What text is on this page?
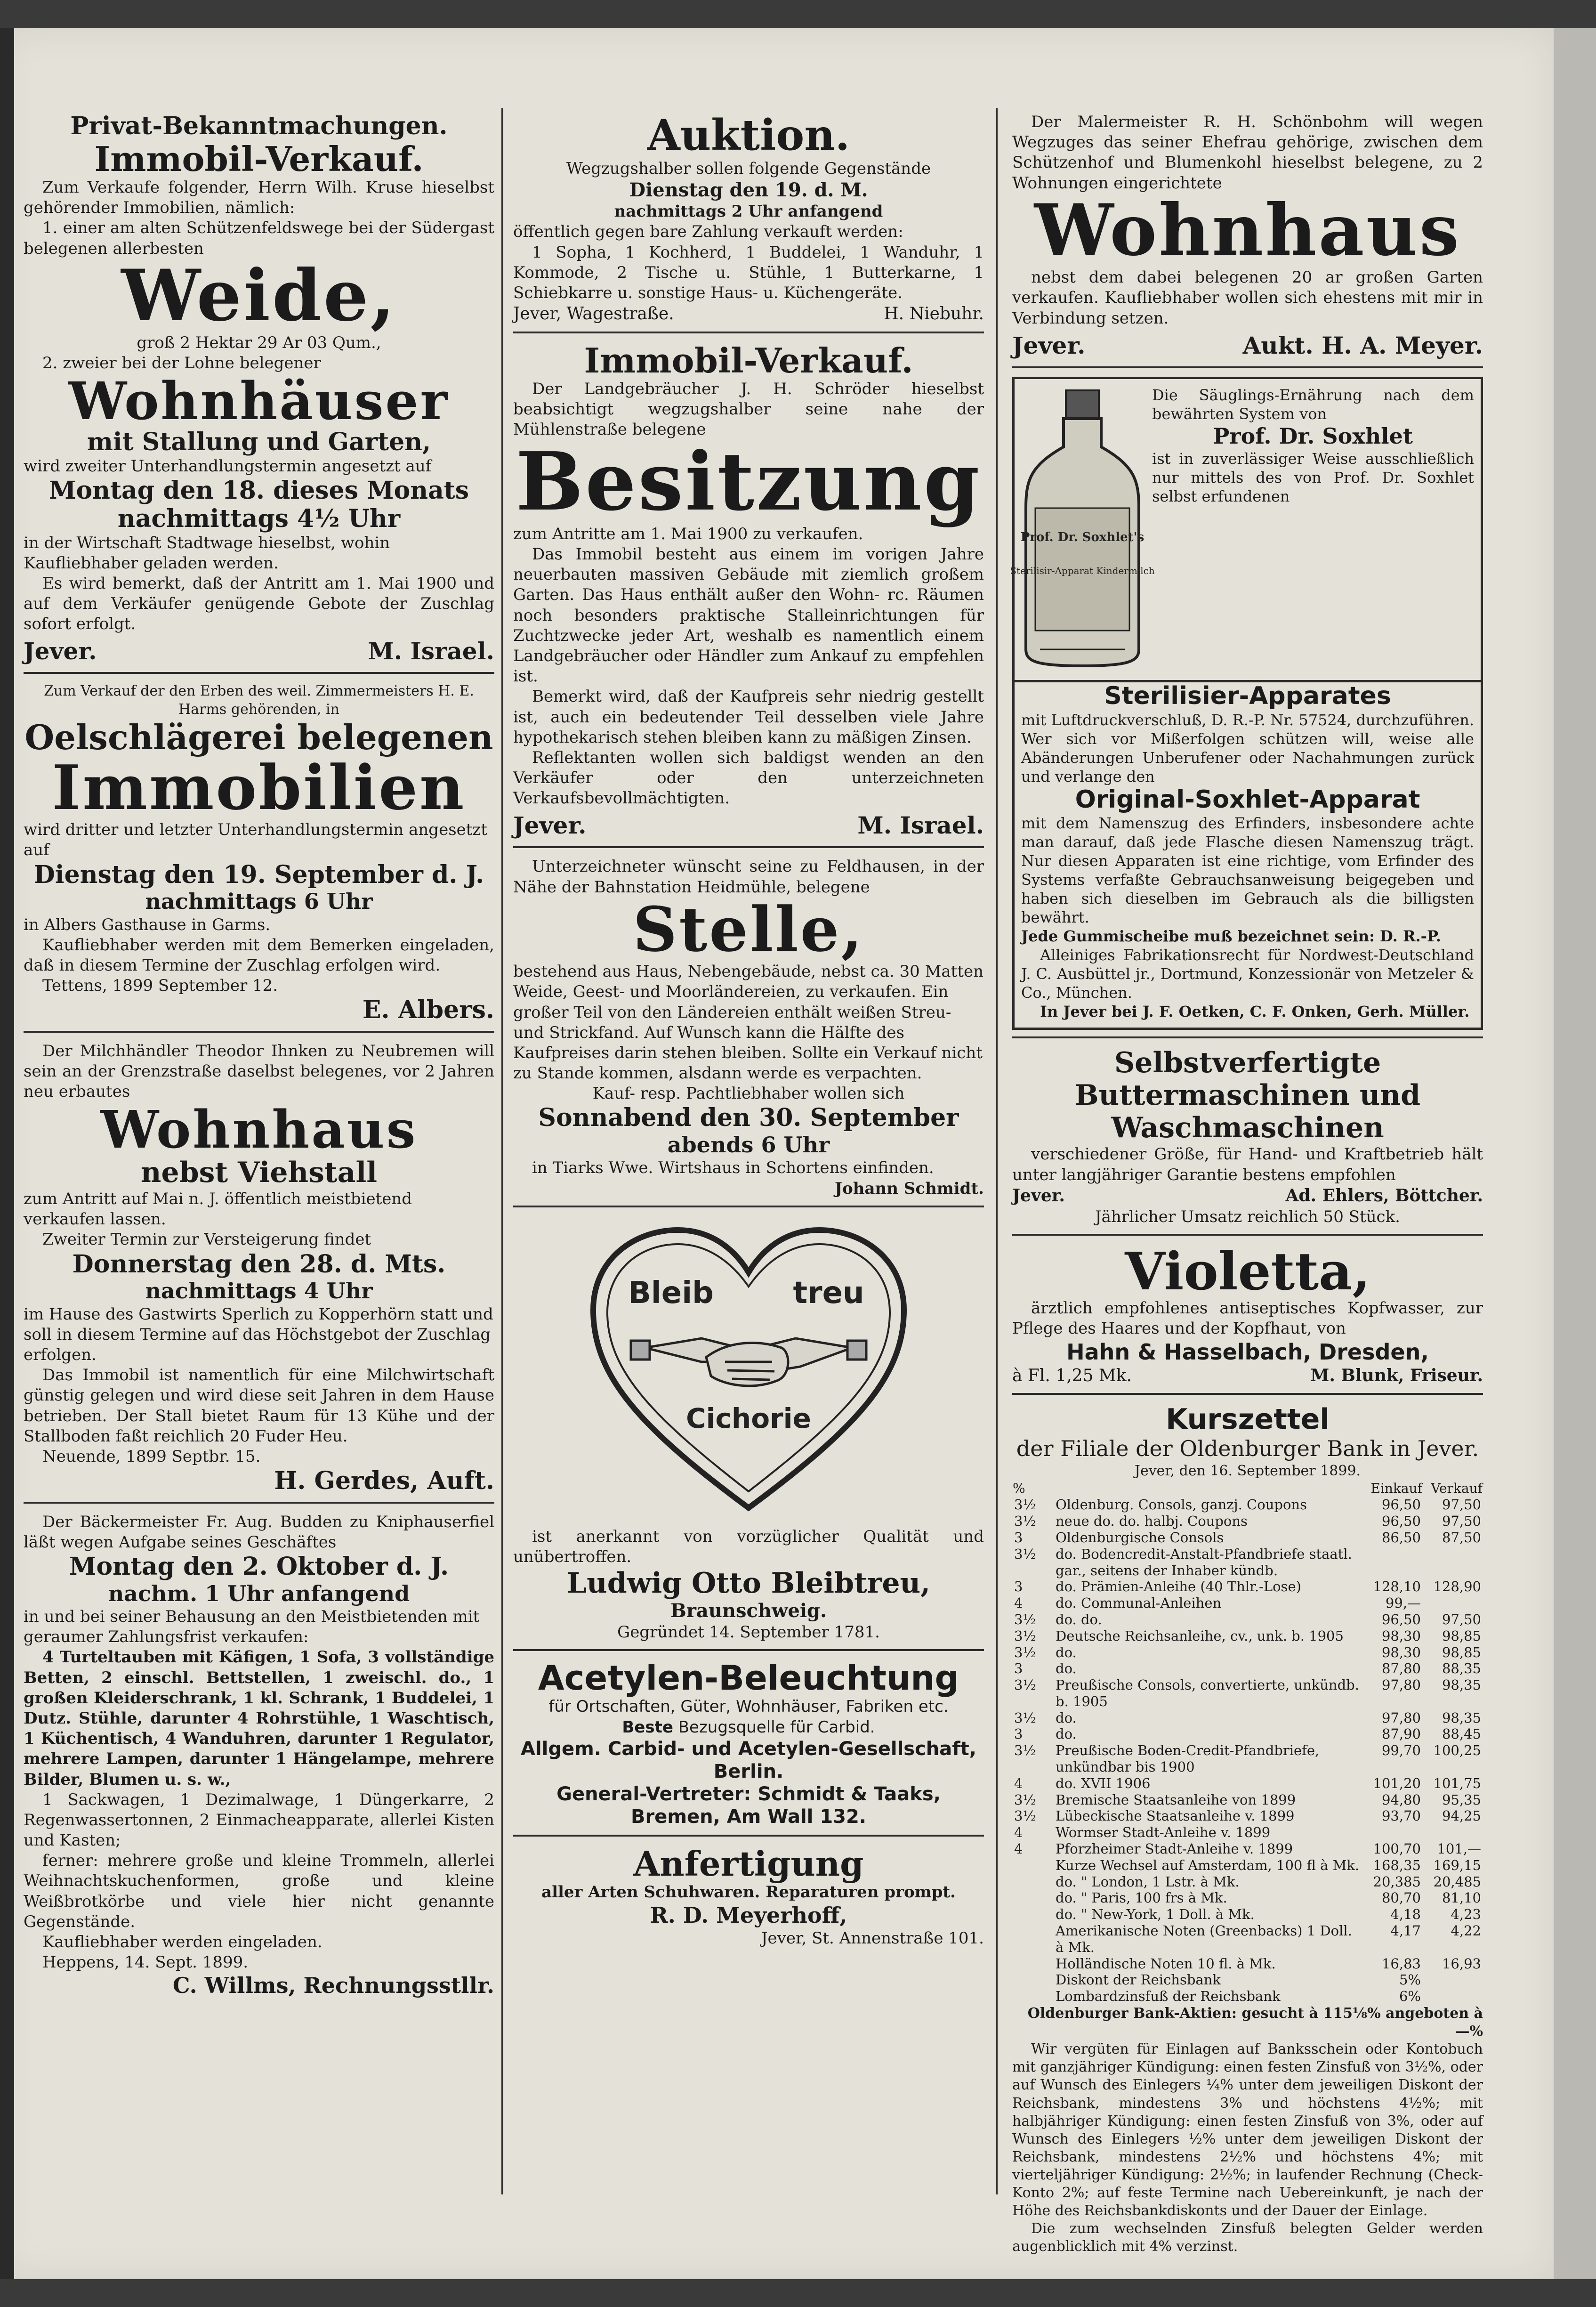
Privat-Bekanntmachungen.

Immobil-Verkauf.

Zum Verkaufe folgender, Herrn Wilh. Kruse hieselbst gehörender Immobilien, nämlich:

1. einer am alten Schützenfeldswege bei der Südergast belegenen allerbesten

Weide,

groß 2 Hektar 29 Ar 03 Qum.,

2. zweier bei der Lohne belegener

Wohnhäuser

mit Stallung und Garten,

wird zweiter Unterhandlungstermin angesetzt auf

Montag den 18. dieses Monats

nachmittags 4½ Uhr

in der Wirtschaft Stadtwage hieselbst, wohin Kaufliebhaber geladen werden.

Es wird bemerkt, daß der Antritt am 1. Mai 1900 und auf dem Verkäufer genügende Gebote der Zuschlag sofort erfolgt.

Jever.	M. Israel.

Zum Verkauf der den Erben des weil. Zimmermeisters H. E. Harms gehörenden, in

Oelschlägerei belegenen

Immobilien

wird dritter und letzter Unterhandlungstermin angesetzt auf

Dienstag den 19. September d. J.

nachmittags 6 Uhr

in Albers Gasthause in Garms.

Kaufliebhaber werden mit dem Bemerken eingeladen, daß in diesem Termine der Zuschlag erfolgen wird.

Tettens, 1899 September 12.

E. Albers.

Der Milchhändler Theodor Ihnken zu Neubremen will sein an der Grenzstraße daselbst belegenes, vor 2 Jahren neu erbautes

Wohnhaus

nebst Viehstall

zum Antritt auf Mai n. J. öffentlich meistbietend verkaufen lassen.

Zweiter Termin zur Versteigerung findet

Donnerstag den 28. d. Mts.

nachmittags 4 Uhr

im Hause des Gastwirts Sperlich zu Kopperhörn statt und soll in diesem Termine auf das Höchstgebot der Zuschlag erfolgen.

Das Immobil ist namentlich für eine Milchwirtschaft günstig gelegen und wird diese seit Jahren in dem Hause betrieben. Der Stall bietet Raum für 13 Kühe und der Stallboden faßt reichlich 20 Fuder Heu.

Neuende, 1899 Septbr. 15.

H. Gerdes, Auft.

Der Bäckermeister Fr. Aug. Budden zu Kniphauserfiel läßt wegen Aufgabe seines Geschäftes

Montag den 2. Oktober d. J.

nachm. 1 Uhr anfangend

in und bei seiner Behausung an den Meistbietenden mit geraumer Zahlungsfrist verkaufen:

4 Turteltauben mit Käfigen, 1 Sofa, 3 vollständige Betten, 2 einschl. Bettstellen, 1 zweischl. do., 1 großen Kleiderschrank, 1 kl. Schrank, 1 Buddelei, 1 Dutz. Stühle, darunter 4 Rohrstühle, 1 Waschtisch, 1 Küchentisch, 4 Wanduhren, darunter 1 Regulator, mehrere Lampen, darunter 1 Hängelampe, mehrere Bilder, Blumen u. s. w.,

1 Sackwagen, 1 Dezimalwage, 1 Düngerkarre, 2 Regenwassertonnen, 2 Einmacheapparate, allerlei Kisten und Kasten;

ferner: mehrere große und kleine Trommeln, allerlei Weihnachtskuchenformen, große und kleine Weißbrotkörbe und viele hier nicht genannte Gegenstände.

Kaufliebhaber werden eingeladen.

Heppens, 14. Sept. 1899.

C. Willms, Rechnungsstllr.

Auktion.

Wegzugshalber sollen folgende Gegenstände

Dienstag den 19. d. M.

nachmittags 2 Uhr anfangend

öffentlich gegen bare Zahlung verkauft werden:

1 Sopha, 1 Kochherd, 1 Buddelei, 1 Wanduhr, 1 Kommode, 2 Tische u. Stühle, 1 Butterkarne, 1 Schiebkarre u. sonstige Haus- u. Küchengeräte.

Jever, Wagestraße.	H. Niebuhr.

Immobil-Verkauf.

Der Landgebräucher J. H. Schröder hieselbst beabsichtigt wegzugshalber seine nahe der Mühlenstraße belegene

Besitzung

zum Antritte am 1. Mai 1900 zu verkaufen.

Das Immobil besteht aus einem im vorigen Jahre neuerbauten massiven Gebäude mit ziemlich großem Garten. Das Haus enthält außer den Wohn- rc. Räumen noch besonders praktische Stalleinrichtungen für Zuchtzwecke jeder Art, weshalb es namentlich einem Landgebräucher oder Händler zum Ankauf zu empfehlen ist.

Bemerkt wird, daß der Kaufpreis sehr niedrig gestellt ist, auch ein bedeutender Teil desselben viele Jahre hypothekarisch stehen bleiben kann zu mäßigen Zinsen.

Reflektanten wollen sich baldigst wenden an den Verkäufer oder den unterzeichneten Verkaufsbevollmächtigten.

Jever.	M. Israel.

Unterzeichneter wünscht seine zu Feldhausen, in der Nähe der Bahnstation Heidmühle, belegene

Stelle,

bestehend aus Haus, Nebengebäude, nebst ca. 30 Matten Weide, Geest- und Moorländereien, zu verkaufen. Ein großer Teil von den Ländereien enthält weißen Streu- und Strickfand. Auf Wunsch kann die Hälfte des Kaufpreises darin stehen bleiben. Sollte ein Verkauf nicht zu Stande kommen, alsdann werde es verpachten.

Kauf- resp. Pachtliebhaber wollen sich

Sonnabend den 30. September

abends 6 Uhr

in Tiarks Wwe. Wirtshaus in Schortens einfinden.

Johann Schmidt.

Bleib	treu
Cichorie

ist anerkannt von vorzüglicher Qualität und unübertroffen.

Ludwig Otto Bleibtreu,

Braunschweig.

Gegründet 14. September 1781.

Acetylen-Beleuchtung

für Ortschaften, Güter, Wohnhäuser, Fabriken etc.

Beste Bezugsquelle für Carbid.

Allgem. Carbid- und Acetylen-Gesellschaft, Berlin.

General-Vertreter: Schmidt & Taaks, Bremen, Am Wall 132.

Anfertigung

aller Arten Schuhwaren. Reparaturen prompt.

R. D. Meyerhoff,

Jever, St. Annenstraße 101.

Der Malermeister R. H. Schönbohm will wegen Wegzuges das seiner Ehefrau gehörige, zwischen dem Schützenhof und Blumenkohl hieselbst belegene, zu 2 Wohnungen eingerichtete

Wohnhaus

nebst dem dabei belegenen 20 ar großen Garten verkaufen. Kaufliebhaber wollen sich ehestens mit mir in Verbindung setzen.

Jever.	Aukt. H. A. Meyer.
Prof. Dr. Soxhlet's
Sterilisir-Apparat Kindermilch

Die Säuglings-Ernährung nach dem bewährten System von

Prof. Dr. Soxhlet

ist in zuverlässiger Weise ausschließlich nur mittels des von Prof. Dr. Soxhlet selbst erfundenen

Sterilisier-Apparates

mit Luftdruckverschluß, D. R.-P. Nr. 57524, durchzuführen. Wer sich vor Mißerfolgen schützen will, weise alle Abänderungen Unberufener oder Nachahmungen zurück und verlange den

Original-Soxhlet-Apparat

mit dem Namenszug des Erfinders, insbesondere achte man darauf, daß jede Flasche diesen Namenszug trägt. Nur diesen Apparaten ist eine richtige, vom Erfinder des Systems verfaßte Gebrauchsanweisung beigegeben und haben sich dieselben im Gebrauch als die billigsten bewährt.

Jede Gummischeibe muß bezeichnet sein: D. R.-P.

Alleiniges Fabrikationsrecht für Nordwest-Deutschland J. C. Ausbüttel jr., Dortmund, Konzessionär von Metzeler & Co., München.

In Jever bei J. F. Oetken, C. F. Onken, Gerh. Müller.

Selbstverfertigte Buttermaschinen und Waschmaschinen

verschiedener Größe, für Hand- und Kraftbetrieb hält unter langjähriger Garantie bestens empfohlen

Jever.	Ad. Ehlers, Böttcher.

Jährlicher Umsatz reichlich 50 Stück.

Violetta,

ärztlich empfohlenes antiseptisches Kopfwasser, zur Pflege des Haares und der Kopfhaut, von

Hahn & Hasselbach, Dresden,

à Fl. 1,25 Mk.	M. Blunk, Friseur.

Kurszettel

der Filiale der Oldenburger Bank in Jever.

Jever, den 16. September 1899.

%		Einkauf	Verkauf
3½	Oldenburg. Consols, ganzj. Coupons	96,50	97,50
3½	neue do. do. halbj. Coupons	96,50	97,50
3	Oldenburgische Consols	86,50	87,50
3½	do. Bodencredit-Anstalt-Pfandbriefe staatl. gar., seitens der Inhaber kündb.		
3	do. Prämien-Anleihe (40 Thlr.-Lose)	128,10	128,90
4	do. Communal-Anleihen	99,—	
3½	do. do.	96,50	97,50
3½	Deutsche Reichsanleihe, cv., unk. b. 1905	98,30	98,85
3½	do.	98,30	98,85
3	do.	87,80	88,35
3½	Preußische Consols, convertierte, unkündb. b. 1905	97,80	98,35
3½	do.	97,80	98,35
3	do.	87,90	88,45
3½	Preußische Boden-Credit-Pfandbriefe, unkündbar bis 1900	99,70	100,25
4	do. XVII 1906	101,20	101,75
3½	Bremische Staatsanleihe von 1899	94,80	95,35
3½	Lübeckische Staatsanleihe v. 1899	93,70	94,25
4	Wormser Stadt-Anleihe v. 1899		
4	Pforzheimer Stadt-Anleihe v. 1899	100,70	101,—
	Kurze Wechsel auf Amsterdam, 100 fl à Mk.	168,35	169,15
	do. " London, 1 Lstr. à Mk.	20,385	20,485
	do. " Paris, 100 frs à Mk.	80,70	81,10
	do. " New-York, 1 Doll. à Mk.	4,18	4,23
	Amerikanische Noten (Greenbacks) 1 Doll. à Mk.	4,17	4,22
	Holländische Noten 10 fl. à Mk.	16,83	16,93
	Diskont der Reichsbank	5%	
	Lombardzinsfuß der Reichsbank	6%	

Oldenburger Bank-Aktien: gesucht à 115⅛% angeboten à —%

Wir vergüten für Einlagen auf Banksschein oder Kontobuch mit ganzjähriger Kündigung: einen festen Zinsfuß von 3½%, oder auf Wunsch des Einlegers ¼% unter dem jeweiligen Diskont der Reichsbank, mindestens 3% und höchstens 4½%; mit halbjähriger Kündigung: einen festen Zinsfuß von 3%, oder auf Wunsch des Einlegers ½% unter dem jeweiligen Diskont der Reichsbank, mindestens 2½% und höchstens 4%; mit vierteljähriger Kündigung: 2½%; in laufender Rechnung (Check-Konto 2%; auf feste Termine nach Uebereinkunft, je nach der Höhe des Reichsbankdiskonts und der Dauer der Einlage.

Die zum wechselnden Zinsfuß belegten Gelder werden augenblicklich mit 4% verzinst.
